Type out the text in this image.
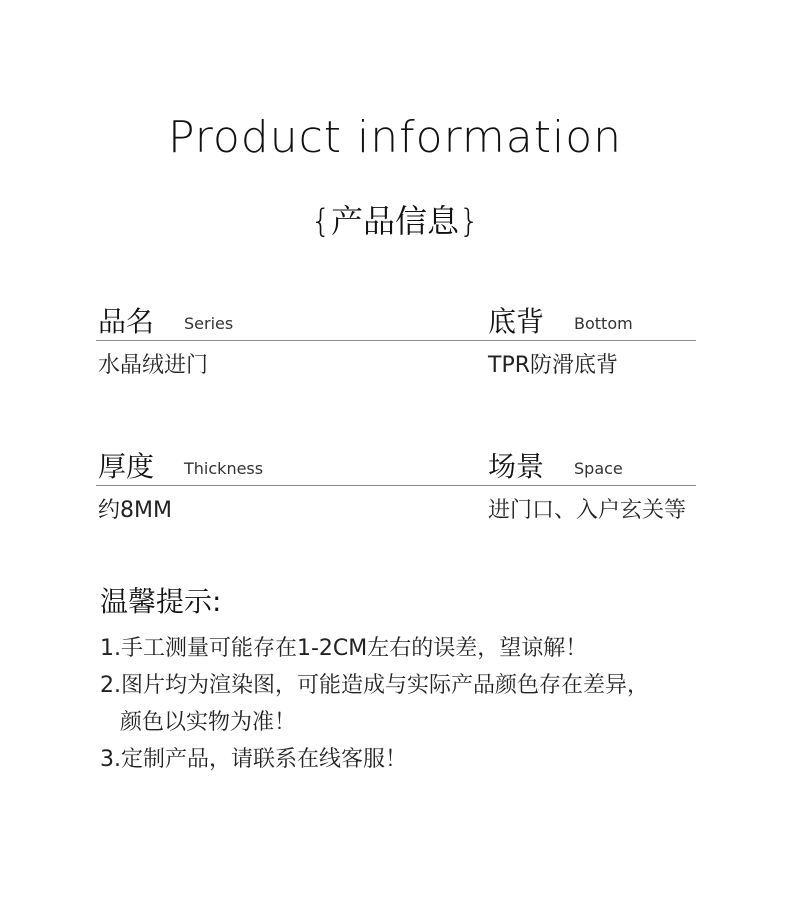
Product information
{产品信息}
品名 Series
水晶绒进门
底背 Bottom
TPR防滑底背
厚度 Thickness
约8MM
场景 Space
进门口、入户玄关等
温馨提示:
1.手工测量可能存在1-2CM左右的误差，望谅解！
2.图片均为渲染图，可能造成与实际产品颜色存在差异，
颜色以实物为准！
3.定制产品，请联系在线客服！
